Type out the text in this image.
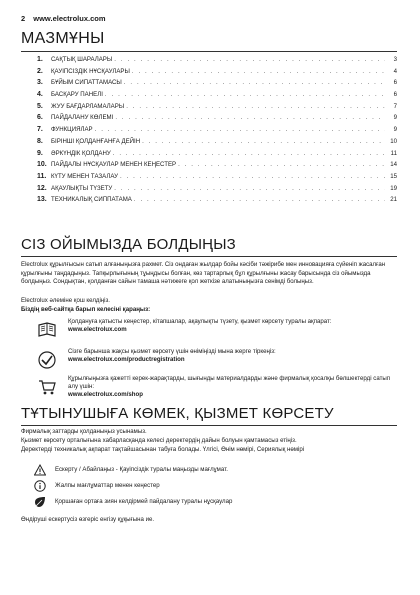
2 www.electrolux.com
МАЗМҰНЫ
1.	САҚТЫҚ ШАРАЛАРЫ . . .	3
2.	ҚАУІПСІЗДІК НҰСҚАУЛАРЫ . . .	4
3.	БҰЙЫМ СИПАТТАМАСЫ . . .	6
4.	БАСҚАРУ ПАНЕЛІ . . .	6
5.	ЖУУ БАҒДАРЛАМАЛАРЫ . . .	7
6.	ПАЙДАЛАНУ КӨЛЕМІ . . .	9
7.	ФУНКЦИЯЛАР . . .	9
8.	БІРІНШІ ҚОЛДАНҒАНҒА ДЕЙІН . . .	10
9.	ӘРКҮНДІК ҚОЛДАНУ . . .	11
10. ПАЙДАЛЫ НҰСҚАУЛАР МЕНЕН КЕҢЕСТЕР . . .	14
11. КҮТУ МЕНЕН ТАЗАЛАУ . . .	15
12. АҚАУЛЫҚТЫ ТҮЗЕТУ . . .	19
13. ТЕХНИКАЛЫҚ СИППАТАМА . . .	21
СІЗ ОЙЫМЫЗДА БОЛДЫҢЫЗ

Electrolux құрылғысын сатып алғаныңызға рахмет. Сіз ондаған жылдар бойы кәсіби тәжірибе мен инновацияға сүйеніп жасалған құрылғыны таңдадыңыз. Тапқырлығының тұыңдысы болған, көз тартарлық бұл құрылғыны жасау барысында сіз ойымызда болдыңыз. Сондықтан, қолданған сайын тамаша нәтижеге қол жеткізе алатыныңызға сенімді болыңыз.

Electrolux әлеміне қош келдіңіз.

Біздің веб-сайтқа барып келесіні қараңыз:

Қолдануға қатысты кеңестер, кітапшалар, ақаулықты түзету, қызмет көрсету туралы ақпарат:
www.electrolux.com
Сізге барынша жақсы қызмет көрсету үшін өніміңізді мына жерге тіркеңіз:
www.electrolux.com/productregistration
Құрылғыңызға қажетті керек-жарақтарды, шығынды материалдарды және фирмалық қосалқы бөлшектерді сатып алу үшін:
www.electrolux.com/shop
ТҰТЫНУШЫҒА КӨМЕК, ҚЫЗМЕТ КӨРСЕТУ

Фирмалық заттарды қолданыңыз усынамыз.

Қызмет көрсету орталығына хабарласқанда келесі деректердің дайын болуын қамтамасыз етіңіз.

Деректерді техникалық ақпарат тақтайшасынан табуға болады. Үлгісі, Өнім нөмірі, Сериялық нөмірі

Ескерту / Абайлаңыз - Қауіпсіздік туралы маңызды мағлұмат.
Жалпы мағлұматтар менен кеңестер
Қоршаған ортаға зиян келдірмей пайдалану туралы нұсқаулар

Өндіруші ескертусіз өзгеріс енгізу құқығына ие.
